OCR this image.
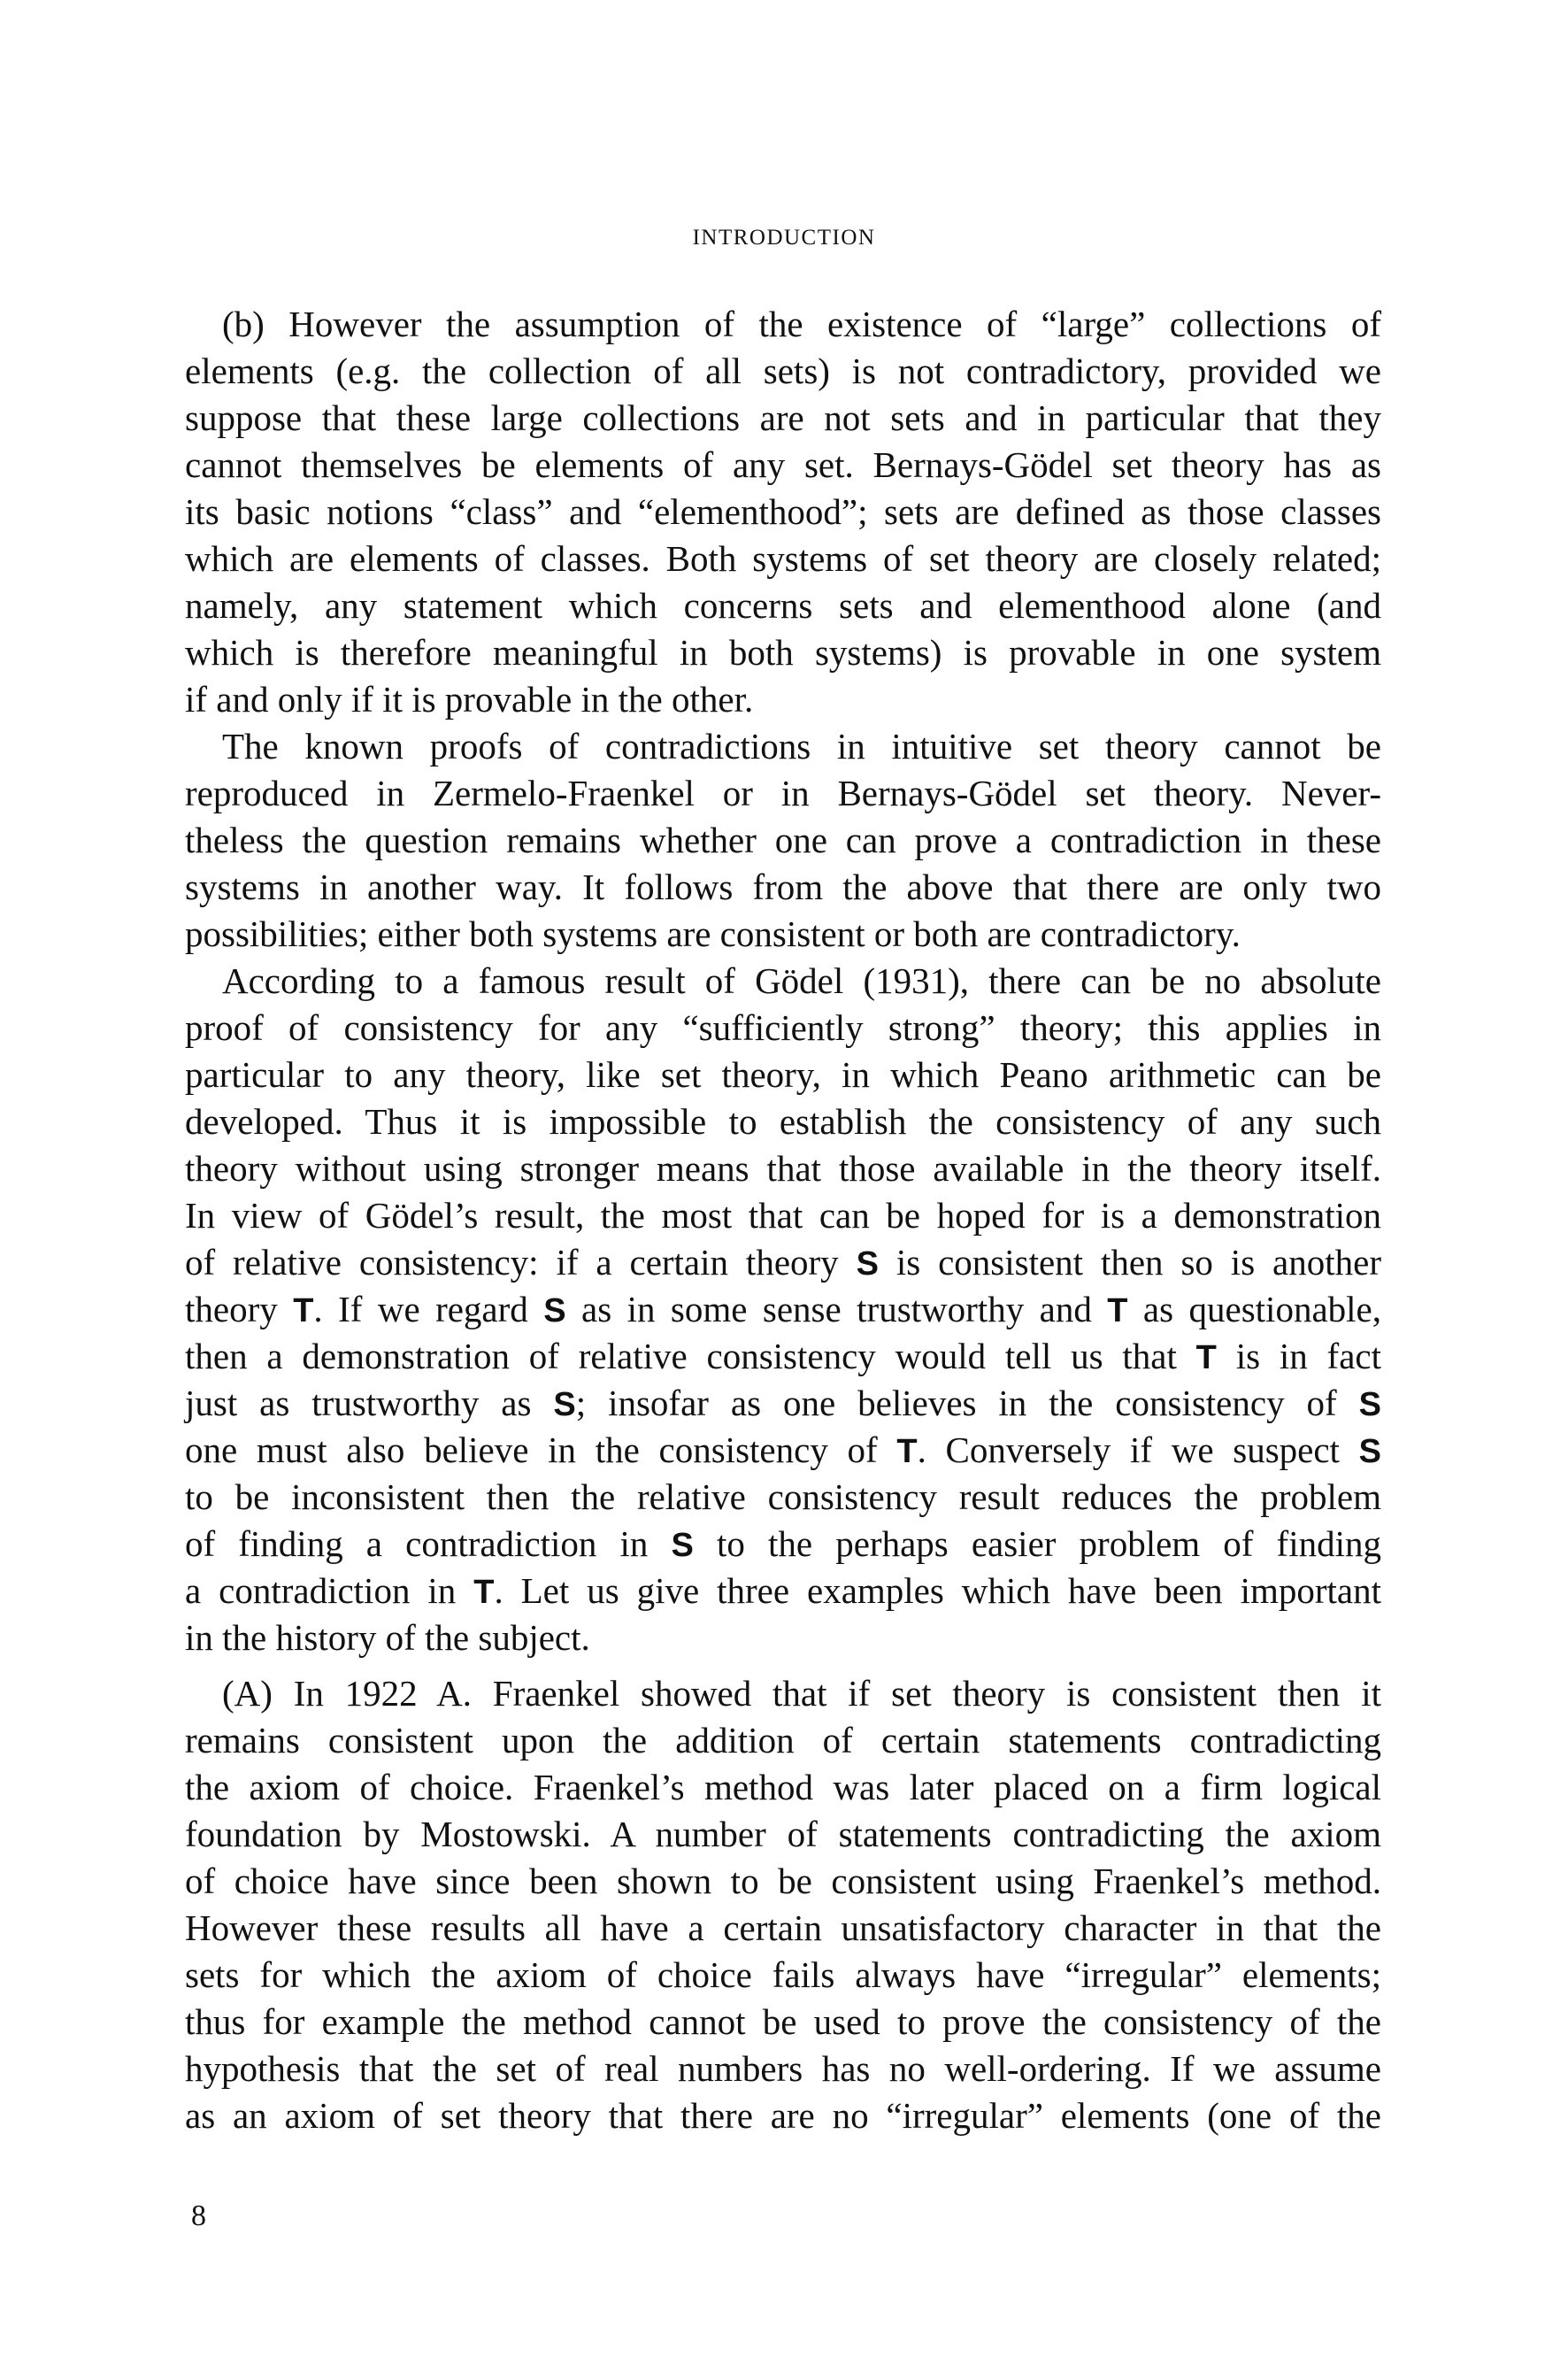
INTRODUCTION
(b) However the assumption of the existence of “large” collections of
elements (e.g. the collection of all sets) is not contradictory, provided we
suppose that these large collections are not sets and in particular that they
cannot themselves be elements of any set. Bernays-Gödel set theory has as
its basic notions “class” and “elementhood”; sets are defined as those classes
which are elements of classes. Both systems of set theory are closely related;
namely, any statement which concerns sets and elementhood alone (and
which is therefore meaningful in both systems) is provable in one system
if and only if it is provable in the other.
The known proofs of contradictions in intuitive set theory cannot be
reproduced in Zermelo-Fraenkel or in Bernays-Gödel set theory. Never-
theless the question remains whether one can prove a contradiction in these
systems in another way. It follows from the above that there are only two
possibilities; either both systems are consistent or both are contradictory.
According to a famous result of Gödel (1931), there can be no absolute
proof of consistency for any “sufficiently strong” theory; this applies in
particular to any theory, like set theory, in which Peano arithmetic can be
developed. Thus it is impossible to establish the consistency of any such
theory without using stronger means that those available in the theory itself.
In view of Gödel’s result, the most that can be hoped for is a demonstration
of relative consistency: if a certain theory S is consistent then so is another
theory T. If we regard S as in some sense trustworthy and T as questionable,
then a demonstration of relative consistency would tell us that T is in fact
just as trustworthy as S; insofar as one believes in the consistency of S
one must also believe in the consistency of T. Conversely if we suspect S
to be inconsistent then the relative consistency result reduces the problem
of finding a contradiction in S to the perhaps easier problem of finding
a contradiction in T. Let us give three examples which have been important
in the history of the subject.
(A) In 1922 A. Fraenkel showed that if set theory is consistent then it
remains consistent upon the addition of certain statements contradicting
the axiom of choice. Fraenkel’s method was later placed on a firm logical
foundation by Mostowski. A number of statements contradicting the axiom
of choice have since been shown to be consistent using Fraenkel’s method.
However these results all have a certain unsatisfactory character in that the
sets for which the axiom of choice fails always have “irregular” elements;
thus for example the method cannot be used to prove the consistency of the
hypothesis that the set of real numbers has no well-ordering. If we assume
as an axiom of set theory that there are no “irregular” elements (one of the
8
